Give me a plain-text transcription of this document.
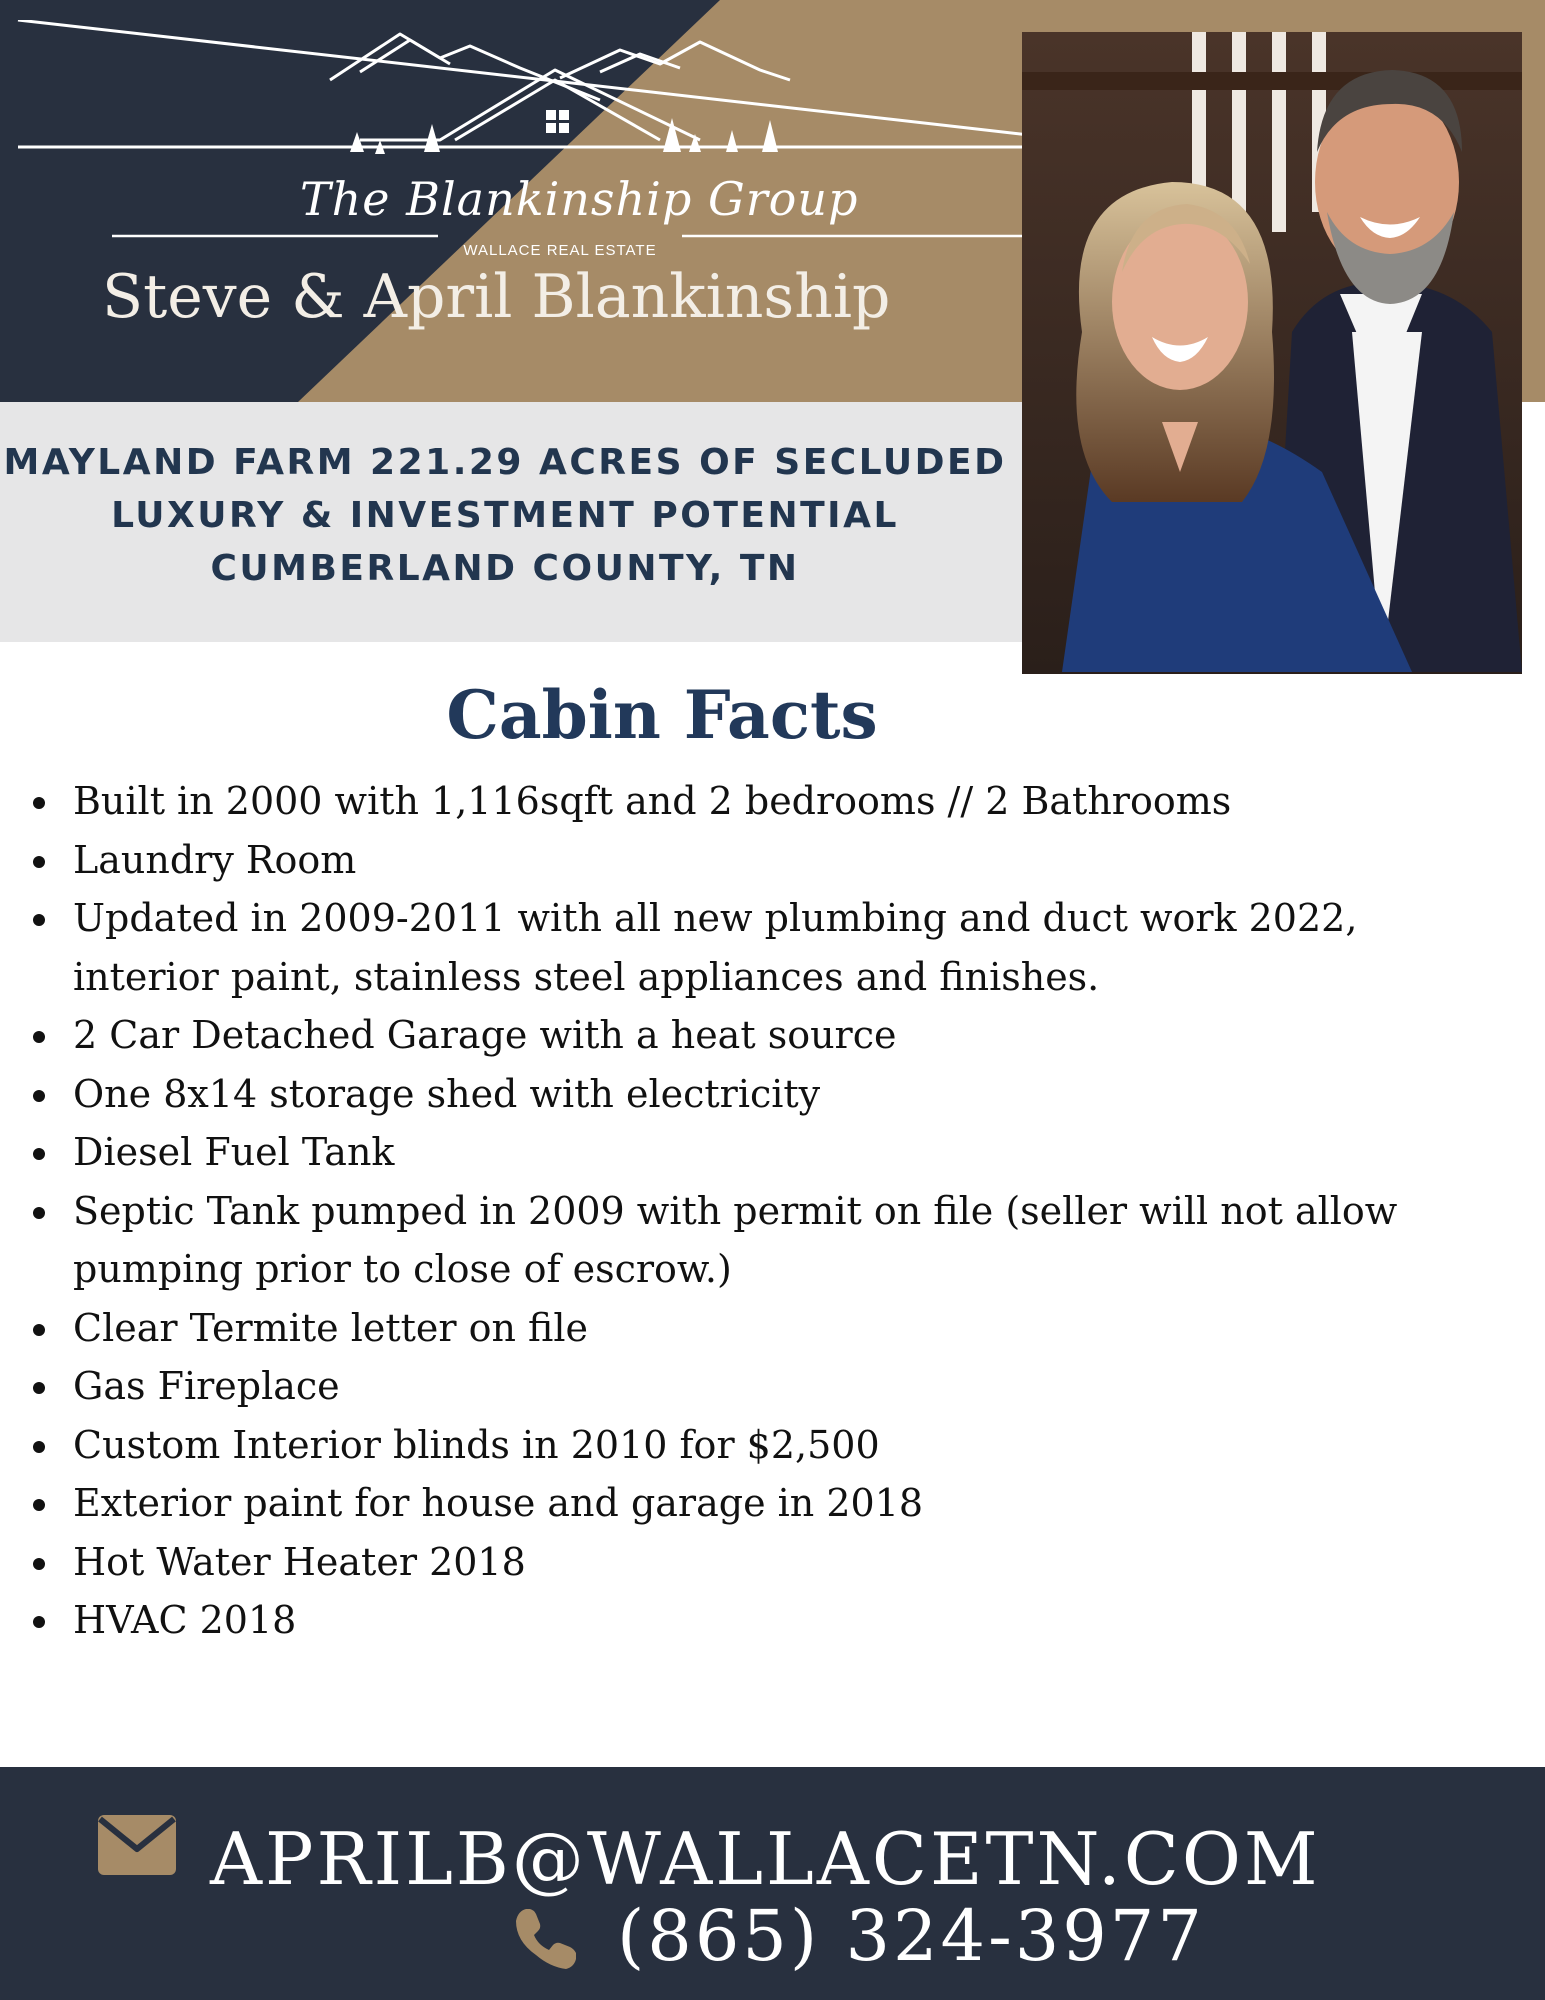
The Blankinship Group
WALLACE REAL ESTATE
Steve & April Blankinship
MAYLAND FARM 221.29 ACRES OF SECLUDED
LUXURY & INVESTMENT POTENTIAL
CUMBERLAND COUNTY, TN
Cabin Facts
Built in 2000 with 1,116sqft and 2 bedrooms // 2 Bathrooms
Laundry Room
Updated in 2009-2011 with all new plumbing and duct work 2022, interior paint, stainless steel appliances and finishes.
2 Car Detached Garage with a heat source
One 8x14 storage shed with electricity
Diesel Fuel Tank
Septic Tank pumped in 2009 with permit on file (seller will not allow pumping prior to close of escrow.)
Clear Termite letter on file
Gas Fireplace
Custom Interior blinds in 2010 for $2,500
Exterior paint for house and garage in 2018
Hot Water Heater 2018
HVAC 2018
APRILB@WALLACETN.COM
(865) 324-3977
